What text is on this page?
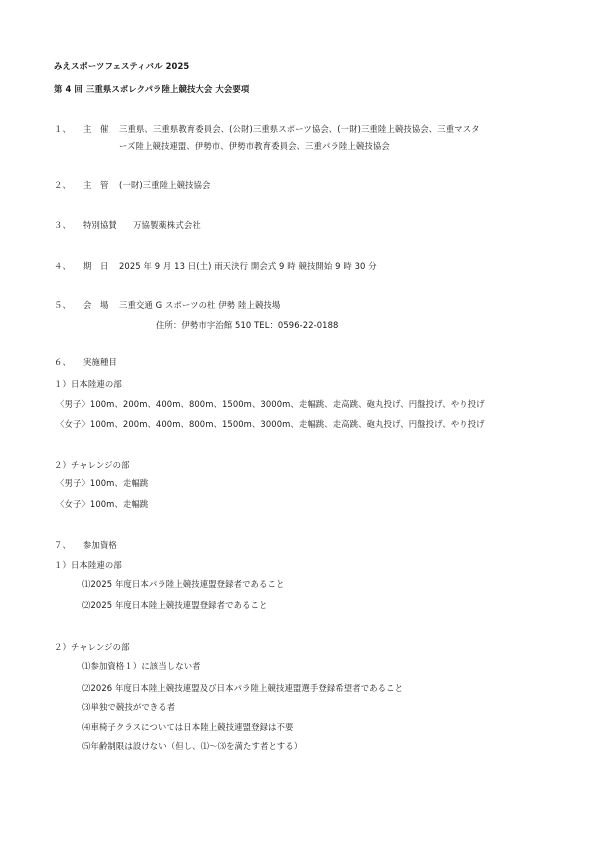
みえスポーツフェスティバル 2025
第 4 回 三重県スポレクパラ陸上競技大会 大会要項
１、 主　催 三重県、三重県教育委員会、(公財)三重県スポーツ協会、(一財)三重陸上競技協会、三重マスタ
ーズ陸上競技連盟、伊勢市、伊勢市教育委員会、三重パラ陸上競技協会
２、 主　管 (一財)三重陸上競技協会
３、 特別協賛 万協製薬株式会社
４、 期　日 2025 年 9 月 13 日(土) 雨天決行 開会式 9 時 競技開始 9 時 30 分
５、 会　場 三重交通 G スポーツの杜 伊勢 陸上競技場
住所：伊勢市宇治館 510 TEL：0596-22-0188
６、 実施種目
１）日本陸連の部
〈男子〉100m、200m、400m、800m、1500m、3000m、走幅跳、走高跳、砲丸投げ、円盤投げ、やり投げ
〈女子〉100m、200m、400m、800m、1500m、3000m、走幅跳、走高跳、砲丸投げ、円盤投げ、やり投げ
２）チャレンジの部
〈男子〉100m、走幅跳
〈女子〉100m、走幅跳
７、 参加資格
１）日本陸連の部
⑴2025 年度日本パラ陸上競技連盟登録者であること
⑵2025 年度日本陸上競技連盟登録者であること
２）チャレンジの部
⑴参加資格１）に該当しない者
⑵2026 年度日本陸上競技連盟及び日本パラ陸上競技連盟選手登録希望者であること
⑶単独で競技ができる者
⑷車椅子クラスについては日本陸上競技連盟登録は不要
⑸年齢制限は設けない（但し、⑴〜⑶を満たす者とする）
